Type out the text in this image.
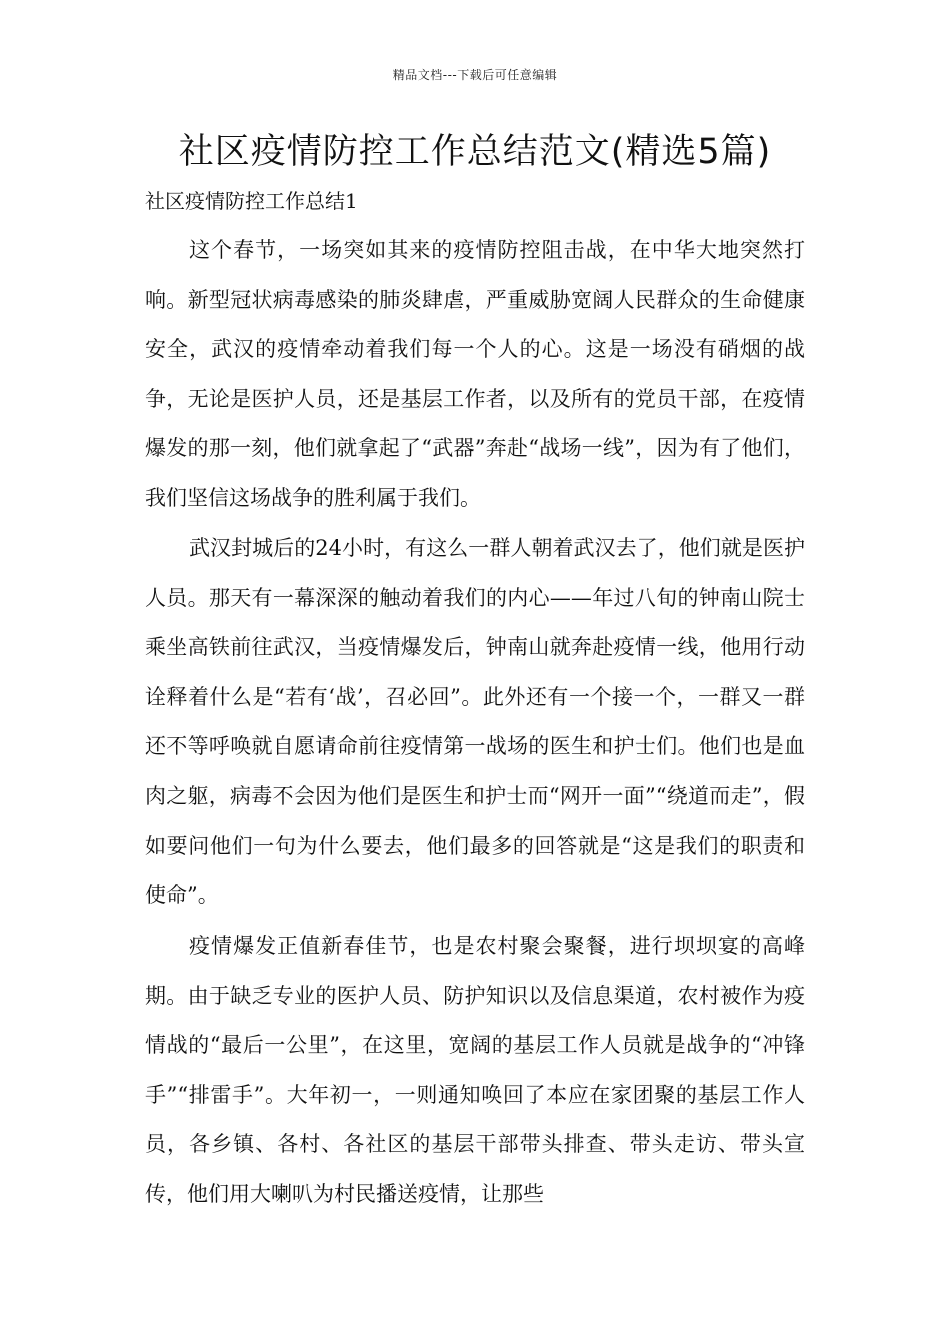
精品文档---下载后可任意编辑
社区疫情防控工作总结范文(精选5篇)
社区疫情防控工作总结1

这个春节，一场突如其来的疫情防控阻击战，在中华大地突然打响。新型冠状病毒感染的肺炎肆虐，严重威胁宽阔人民群众的生命健康安全，武汉的疫情牵动着我们每一个人的心。这是一场没有硝烟的战争，无论是医护人员，还是基层工作者，以及所有的党员干部，在疫情爆发的那一刻，他们就拿起了“武器”奔赴“战场一线”，因为有了他们，我们坚信这场战争的胜利属于我们。

武汉封城后的24小时，有这么一群人朝着武汉去了，他们就是医护人员。那天有一幕深深的触动着我们的内心——年过八旬的钟南山院士乘坐高铁前往武汉，当疫情爆发后，钟南山就奔赴疫情一线，他用行动诠释着什么是“若有‘战’，召必回”。此外还有一个接一个，一群又一群还不等呼唤就自愿请命前往疫情第一战场的医生和护士们。他们也是血肉之躯，病毒不会因为他们是医生和护士而“网开一面”“绕道而走”，假如要问他们一句为什么要去，他们最多的回答就是“这是我们的职责和使命”。

疫情爆发正值新春佳节，也是农村聚会聚餐，进行坝坝宴的高峰期。由于缺乏专业的医护人员、防护知识以及信息渠道，农村被作为疫情战的“最后一公里”，在这里，宽阔的基层工作人员就是战争的“冲锋手”“排雷手”。大年初一，一则通知唤回了本应在家团聚的基层工作人员，各乡镇、各村、各社区的基层干部带头排查、带头走访、带头宣传，他们用大喇叭为村民播送疫情，让那些
